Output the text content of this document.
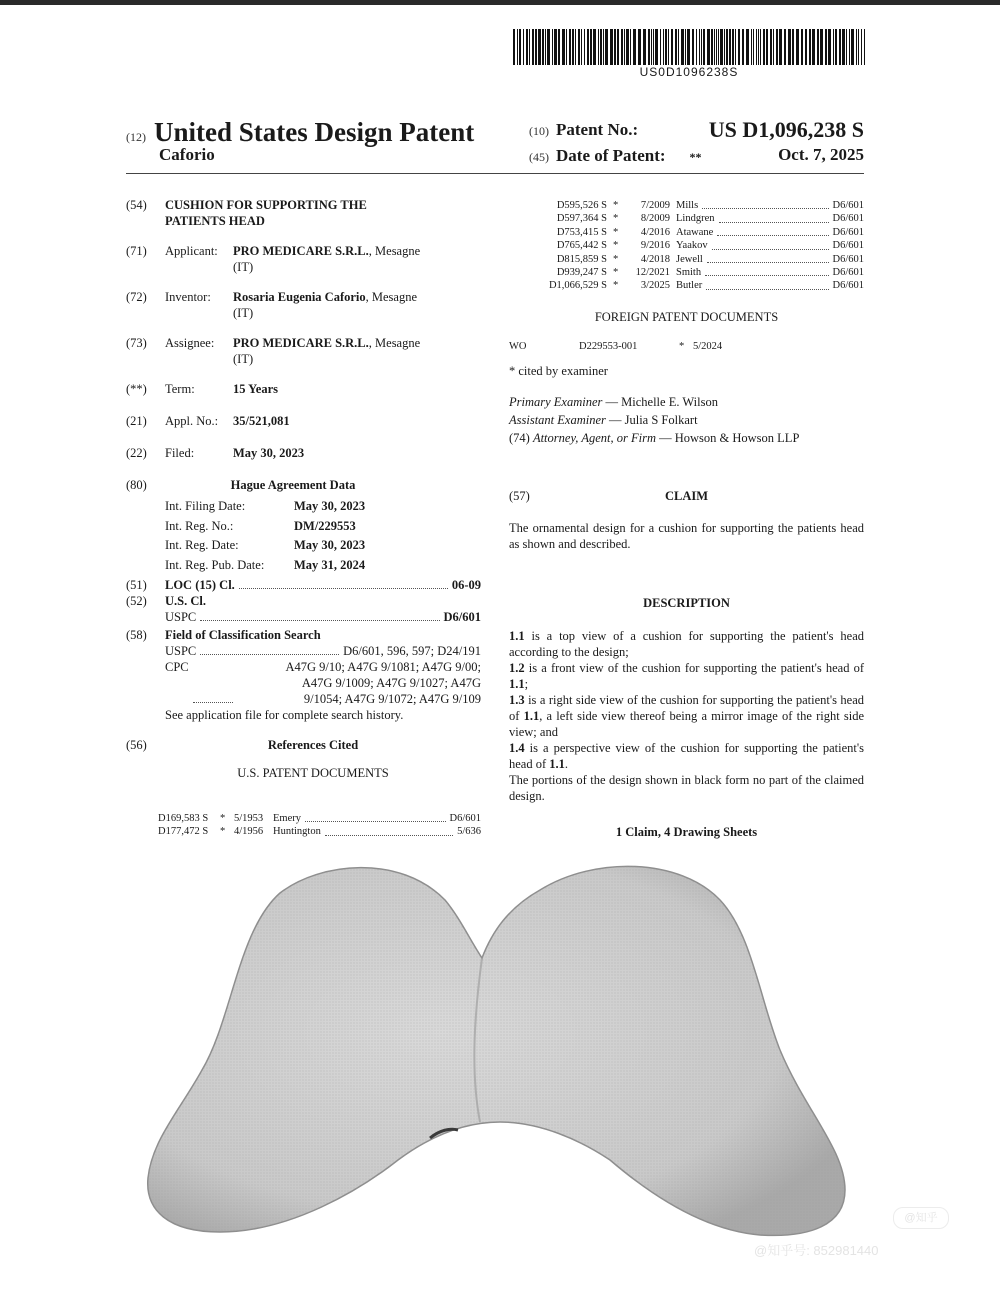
US0D1096238S
(12) United States Design Patent
Caforio
(10) Patent No.:	US D1,096,238 S
(45) Date of Patent: **	Oct. 7, 2025
(54)	CUSHION FOR SUPPORTING THE
PATIENTS HEAD
(71)	Applicant:	PRO MEDICARE S.R.L., Mesagne
(IT)
(72)	Inventor:	Rosaria Eugenia Caforio, Mesagne
(IT)
(73)	Assignee:	PRO MEDICARE S.R.L., Mesagne
(IT)
(**)	Term:	15 Years
(21)	Appl. No.:	35/521,081
(22)	Filed:	May 30, 2023
(80)	Hague Agreement Data
Int. Filing Date:	May 30, 2023
Int. Reg. No.:	DM/229553
Int. Reg. Date:	May 30, 2023
Int. Reg. Pub. Date:	May 31, 2024
(51)	LOC (15) Cl.	06-09
(52)	U.S. Cl.
USPC	D6/601
(58)	Field of Classification Search
USPC	D6/601, 596, 597; D24/191
CPC	A47G 9/10; A47G 9/1081; A47G 9/00;
A47G 9/1009; A47G 9/1027; A47G
9/1054; A47G 9/1072; A47G 9/109
See application file for complete search history.
(56)	References Cited
U.S. PATENT DOCUMENTS
D169,583 S	* 5/1953 Emery	D6/601
D177,472 S	* 4/1956 Huntington	5/636
D595,526 S *	7/2009 Mills	D6/601
D597,364 S *	8/2009 Lindgren	D6/601
D753,415 S *	4/2016 Atawane	D6/601
D765,442 S *	9/2016 Yaakov	D6/601
D815,859 S *	4/2018 Jewell	D6/601
D939,247 S *	12/2021 Smith	D6/601
D1,066,529 S *	3/2025 Butler	D6/601
FOREIGN PATENT DOCUMENTS
WO	D229553-001	* 5/2024
* cited by examiner
Primary Examiner — Michelle E. Wilson
Assistant Examiner — Julia S Folkart
(74) Attorney, Agent, or Firm — Howson & Howson LLP
(57)	CLAIM
The ornamental design for a cushion for supporting the patients head as shown and described.
DESCRIPTION
1.1 is a top view of a cushion for supporting the patient's head according to the design;
1.2 is a front view of the cushion for supporting the patient's head of 1.1;
1.3 is a right side view of the cushion for supporting the patient's head of 1.1, a left side view thereof being a mirror image of the right side view; and
1.4 is a perspective view of the cushion for supporting the patient's head of 1.1.
The portions of the design shown in black form no part of the claimed design.
1 Claim, 4 Drawing Sheets
@知乎
@知乎号: 852981440
